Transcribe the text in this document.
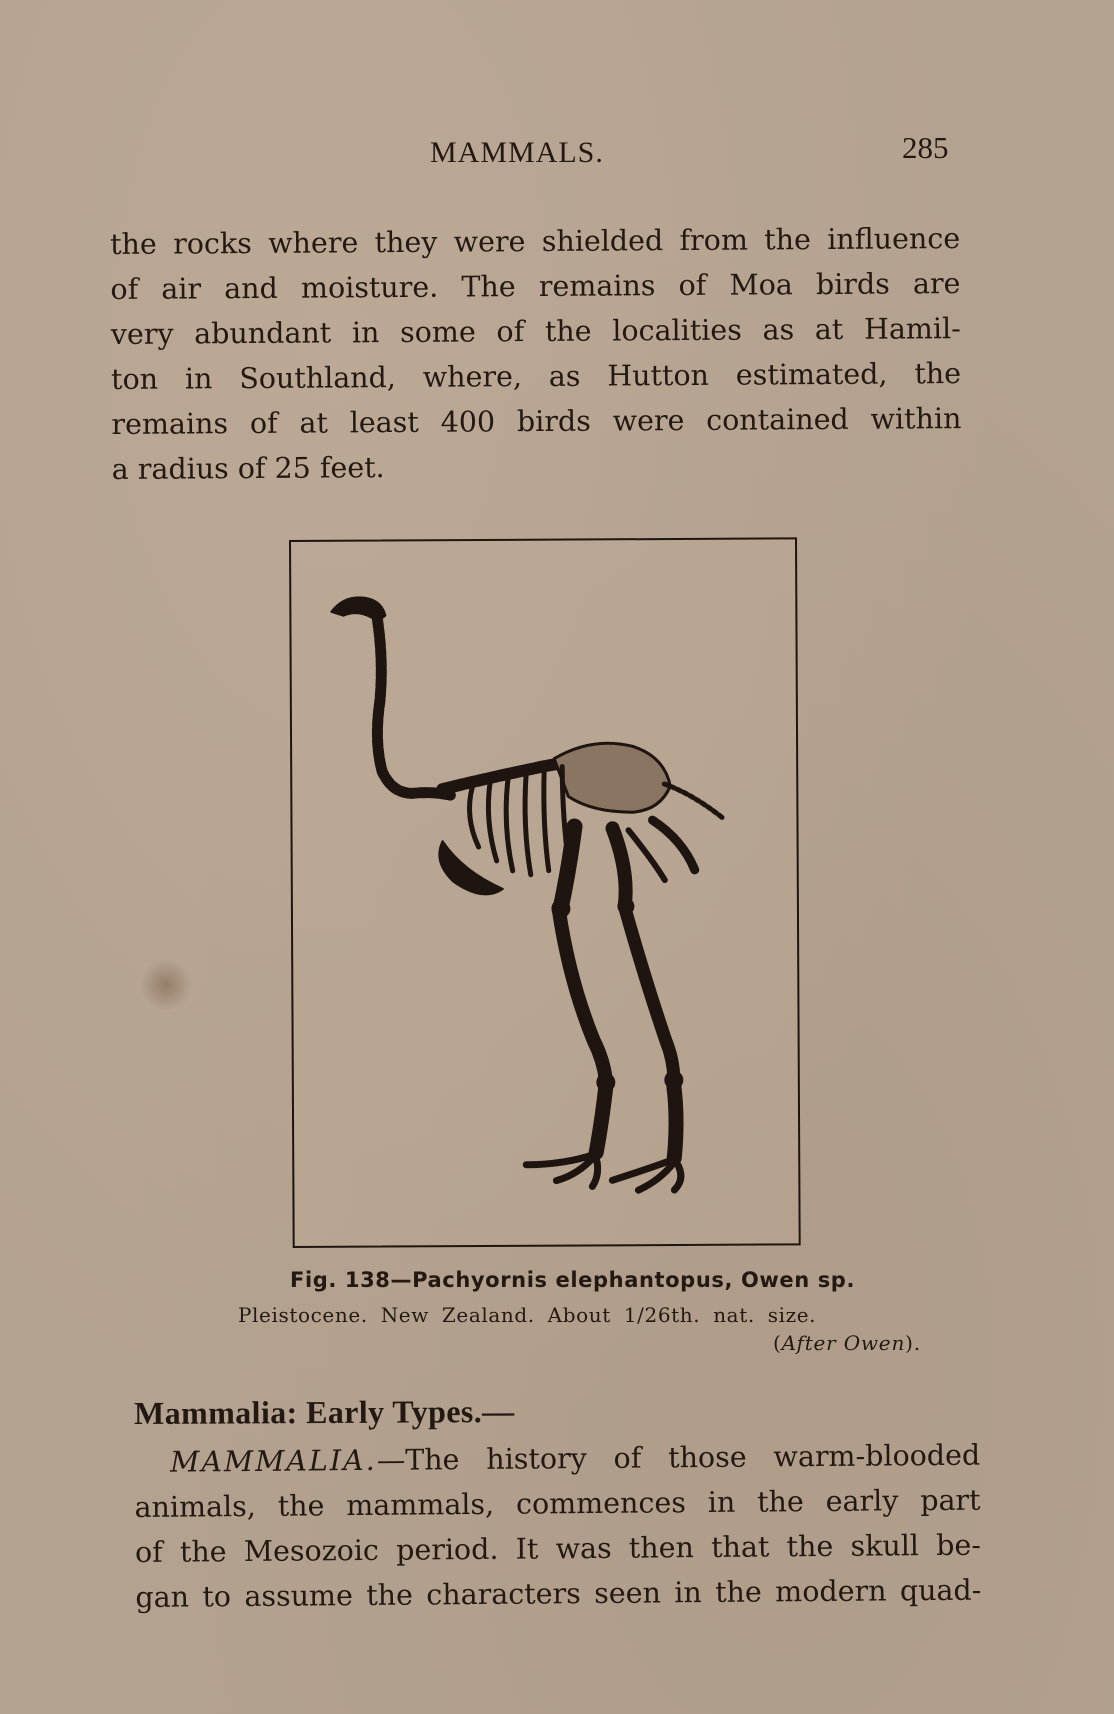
MAMMALS.	285

the rocks where they were shielded from the influence
of air and moisture. The remains of Moa birds are
very abundant in some of the localities as at Hamil-
ton in Southland, where, as Hutton estimated, the
remains of at least 400 birds were contained within
a radius of 25 feet.

Fig. 138—Pachyornis elephantopus, Owen sp.
Pleistocene. New Zealand. About 1/26th. nat. size.
(After Owen).
Mammalia: Early Types.—

MAMMALIA.—The history of those warm-blooded
animals, the mammals, commences in the early part
of the Mesozoic period. It was then that the skull be-
gan to assume the characters seen in the modern quad-
